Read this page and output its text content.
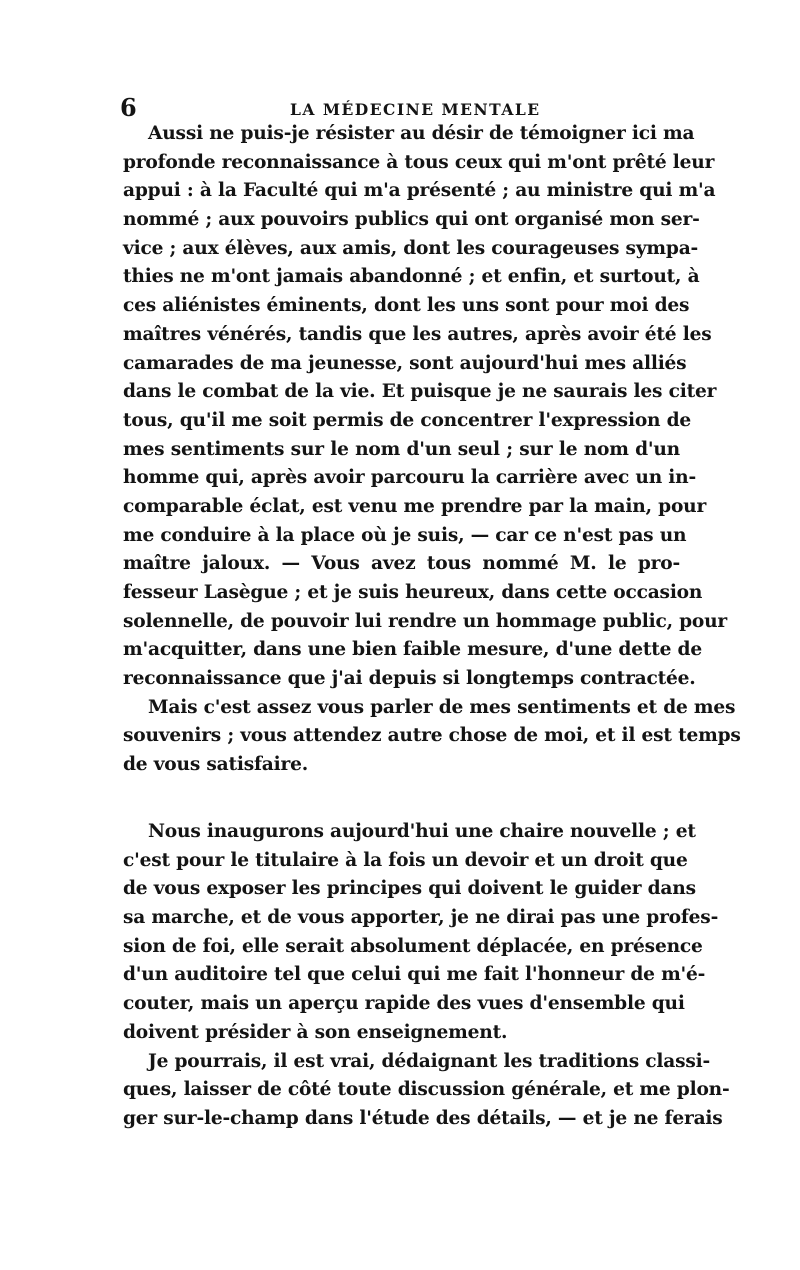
6	LA MÉDECINE MENTALE
Aussi ne puis-je résister au désir de témoigner ici ma
profonde reconnaissance à tous ceux qui m'ont prêté leur
appui : à la Faculté qui m'a présenté ; au ministre qui m'a
nommé ; aux pouvoirs publics qui ont organisé mon ser-
vice ; aux élèves, aux amis, dont les courageuses sympa-
thies ne m'ont jamais abandonné ; et enfin, et surtout, à
ces aliénistes éminents, dont les uns sont pour moi des
maîtres vénérés, tandis que les autres, après avoir été les
camarades de ma jeunesse, sont aujourd'hui mes alliés
dans le combat de la vie. Et puisque je ne saurais les citer
tous, qu'il me soit permis de concentrer l'expression de
mes sentiments sur le nom d'un seul ; sur le nom d'un
homme qui, après avoir parcouru la carrière avec un in-
comparable éclat, est venu me prendre par la main, pour
me conduire à la place où je suis, — car ce n'est pas un
maître jaloux. — Vous avez tous nommé M. le pro-
fesseur Lasègue ; et je suis heureux, dans cette occasion
solennelle, de pouvoir lui rendre un hommage public, pour
m'acquitter, dans une bien faible mesure, d'une dette de
reconnaissance que j'ai depuis si longtemps contractée.
Mais c'est assez vous parler de mes sentiments et de mes
souvenirs ; vous attendez autre chose de moi, et il est temps
de vous satisfaire.
Nous inaugurons aujourd'hui une chaire nouvelle ; et
c'est pour le titulaire à la fois un devoir et un droit que
de vous exposer les principes qui doivent le guider dans
sa marche, et de vous apporter, je ne dirai pas une profes-
sion de foi, elle serait absolument déplacée, en présence
d'un auditoire tel que celui qui me fait l'honneur de m'é-
couter, mais un aperçu rapide des vues d'ensemble qui
doivent présider à son enseignement.
Je pourrais, il est vrai, dédaignant les traditions classi-
ques, laisser de côté toute discussion générale, et me plon-
ger sur-le-champ dans l'étude des détails, — et je ne ferais
